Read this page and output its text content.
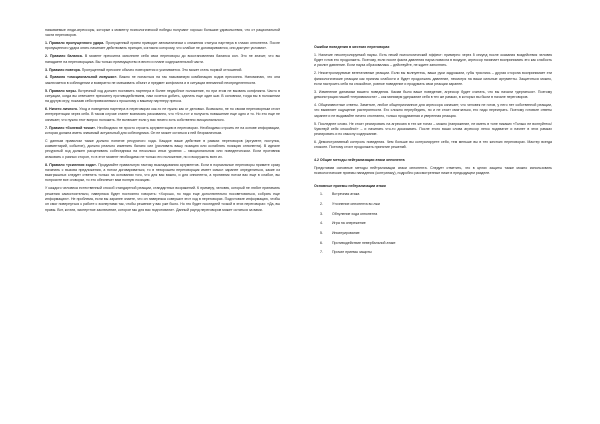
называемые люди-агрессоры, которые к моменту психологической победы получают хорошо большие удовольствия, что от рациональной части переговоров.

1. Правило пропущенного удара. Пропущенный прием приводит автоматически к снижения статуса партнера в глазах оппонента. После пропущенного удара опять начинает действовать принцип, согласно которому, что слабые не договариваются, они диктуют условия».

2. Правило баланса. В момент прессинга заполните себя свои переговоры до восстановления баланса сил. Это не значит, что вы нападаете на переговорщика. Вы только преимущество в вести и плане содержательной части.

3. Правило повтора. Пропущенный прессинг обычно повторяется и усиливается. Это может стать нормой отношений.

4. Правило «эмоциональной ловушки». Важно не попасться на так называемую комбинацию ходов прессинга. Напоминаю, что она заключается в соблюдении и возвратно не смешивать объект и предмет конфликта и в ситуации внезапной неопределенности.

5. Правило меры. Встречный ход должен поставить партнера в более неудобное положение, но при этом не вызвать конфликта. Часто в ситуации, когда вы отвечаете прессингу противодействием, нам хочется добить, сделать еще один шаг. В основном, тогда вы в положении на другую игру, показав себя привязанным к прошлому к вашему партнеру пресса.

6. Ничего личного. Уход и поведения партнера в переговорах как-то не нужно как от деловых. Возможно, не по своим переговорным стоят интерпретации через себя. В таком случае станет возникать рискованно, что «Что-то» и получить повышение еще одно и то. Но это еще не означает, что нужно этот вопрос положить. Не включает если у вас ничего хоть собственно эмоционального.

7. Правило «болевой точки». Необходимо не просто строить аргументацию в переговорах. Необходимо строить ее на основе информации, которая должна иметь значимый актуальный для собеседника. Он не может остаться к ней безразличным.

С данным правилом также должно понятие ресурсного хода. Каждое ваше действие в рамках переговоров (аргумент, поступок, комментарий, событие), должно реально изменить баланс сил (усиливать вашу позицию или ослаблять позицию оппонента). В идеале ресурсный ход должен расценивать собеседника на несколько иных уровнях – эмоциональном или поведенческом. Если противник атаковать с разных сторон, то в этот момент необходимо не только его положение, но и вооружить всех их.

8. Правило «усиления хода». Продумайте правильную тактику выкладывания аргументов. Если в нормальные переговоры примите сразу начинать с вызова предложения, а потом договариваться, то в нехорошем переговорщик имеет смысл заранее определиться, какие из выигрышных следует ответить только на основании того, что для вас важно, и для оппонента, а противник потом вас еще в слабое, вы попросите все оговорки, то это обеспечит вам полную позицию.

У каждого человека естественный способ стандартной реакции, стандартных возражений. К примеру, человек, который не любит принимать решения самостоятельно, наверняка будет постоянно говорить: «Хорошо, но надо еще дополнительно посоветоваться, собрать еще информацию». Не проблема, если вы заранее знаете, что он наверняка совершит этот ход в переговорах. Подготовьте информацию, чтобы он смог повернуться к работе с экспертами так, чтобы решение у вас уже было. Но это будет последней точкой в этих переговорах: «Да, вы правы. Вот, кстати, экспертное заключение, которое мы для вас подготовили». Данный раунд переговоров может остаться за вами.

Ошибки поведения в жестких переговорах

1. Наличие неконтролируемой паузы. Есть некий психологический эффект: примерно через 5 секунд после оказания воздействия человек будет готов его продолжить. Поэтому, если после факта давления пауза повисла в воздухе, агрессор начинает воспринимать это как слабость и усилит давление. Если пауза образовалась – действуйте, не ждите заполнять.

2. Неконтролируемые вегетативные реакции. Если вы волнуетесь, ваши руки задрожали, губы тряслись – другая сторона воспринимает эти физиологические реакции как признак слабости и будет продолжать давление, несмотря на ваши сильные аргументы. Защититься можно, если настроить себя на спокойное, ровное поведение и продумать свои реакции заранее.

3. Изменение динамики вашего поведения. Каким было ваше поведение, агрессор будет считать, что вы начали «дергаться». Поэтому демонстрация нашей «неуязвимости» – как минимум удержание себя в тех же рамках, в которых вы были в начале переговоров.

4. Общеизвестные ответы. Заметьте, любое общепризнанное для агрессора означает, что человек не готов, у него нет собственной реакции, что выявляет ощущение растерянности. Его сложно переубедить, но и не стоит смягчаться, его надо переиграть. Поэтому готовьте ответы заранее и не выдавайте ничего спонтанно, только продуманная и уверенная реакция.

5. Последнее слово. Не стоит реагировать на агрессию в тех же тонах – можно (напряжение, не иметь в тоне никаких «Только не волнуйтесь! Чувствуй себя спокойно!» – и начинать что-то доказывать. После этого ваши слова агрессор легко подхватит и начнет в этих рамках реагировать и по смыслу содержание.

6. Демонстративный контроль поведения. Чем больше вы контролируете себя, тем меньше вы в тех жестких переговорах. Мастер всегда спокоен. Поэтому стоит продолжать принятие решений.

4.2 Общие методы нейтрализации атаки оппонента

Представим основные методы нейтрализации атаки оппонента. Следует отметить, что в целях защиты также можно использовать психологические приемы нападения (контратаку), подробно рассмотренные ниже в предыдущем разделе.

Основные приемы нейтрализации атаки

1.	Встречная атака
2.	Уточнение оппонента во лжи
3.	Обнуление хода оппонента
4.	Игра на опережение
5.	Инсинуирование
6.	Противодействие невербальной атаке
7.	Прочие приемы защиты
